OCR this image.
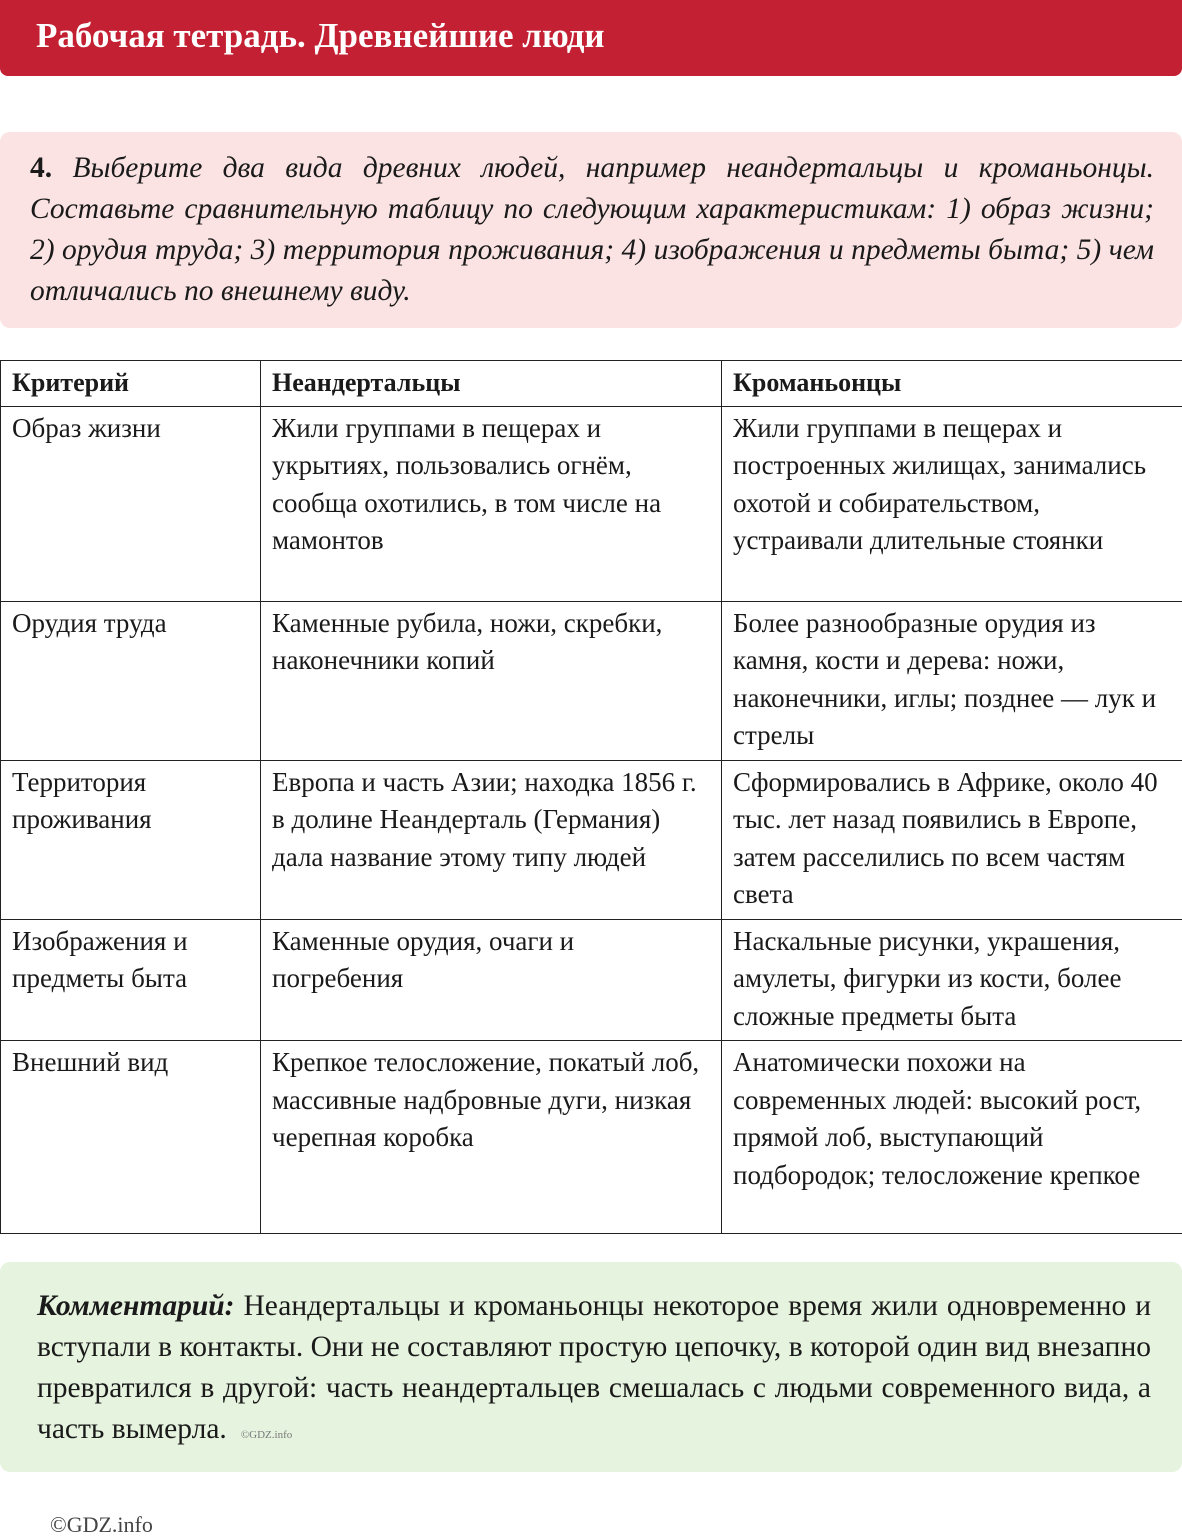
Рабочая тетрадь. Древнейшие люди
4. Выберите два вида древних людей, например неандертальцы и кроманьонцы. Составьте сравнительную таблицу по следующим характеристикам: 1) образ жизни; 2) орудия труда; 3) территория проживания; 4) изображения и предметы быта; 5) чем отличались по внешнему виду.
Критерий	Неандертальцы	Кроманьонцы
Образ жизни	Жили группами в пещерах и укрытиях, пользовались огнём, сообща охотились, в том числе на мамонтов	Жили группами в пещерах и построенных жилищах, занимались охотой и собирательством, устраивали длительные стоянки
Орудия труда	Каменные рубила, ножи, скребки, наконечники копий	Более разнообразные орудия из камня, кости и дерева: ножи, наконечники, иглы; позднее — лук и стрелы
Территория проживания	Европа и часть Азии; находка 1856 г. в долине Неандерталь (Германия) дала название этому типу людей	Сформировались в Африке, около 40 тыс. лет назад появились в Европе, затем расселились по всем частям света
Изображения и предметы быта	Каменные орудия, очаги и погребения	Наскальные рисунки, украшения, амулеты, фигурки из кости, более сложные предметы быта
Внешний вид	Крепкое телосложение, покатый лоб, массивные надбровные дуги, низкая черепная коробка	Анатомически похожи на современных людей: высокий рост, прямой лоб, выступающий подбородок; телосложение крепкое
Комментарий: Неандертальцы и кроманьонцы некоторое время жили одновременно и вступали в контакты. Они не составляют простую цепочку, в которой один вид внезапно превратился в другой: часть неандертальцев смешалась с людьми современного вида, а часть вымерла. ©GDZ.info
©GDZ.info
